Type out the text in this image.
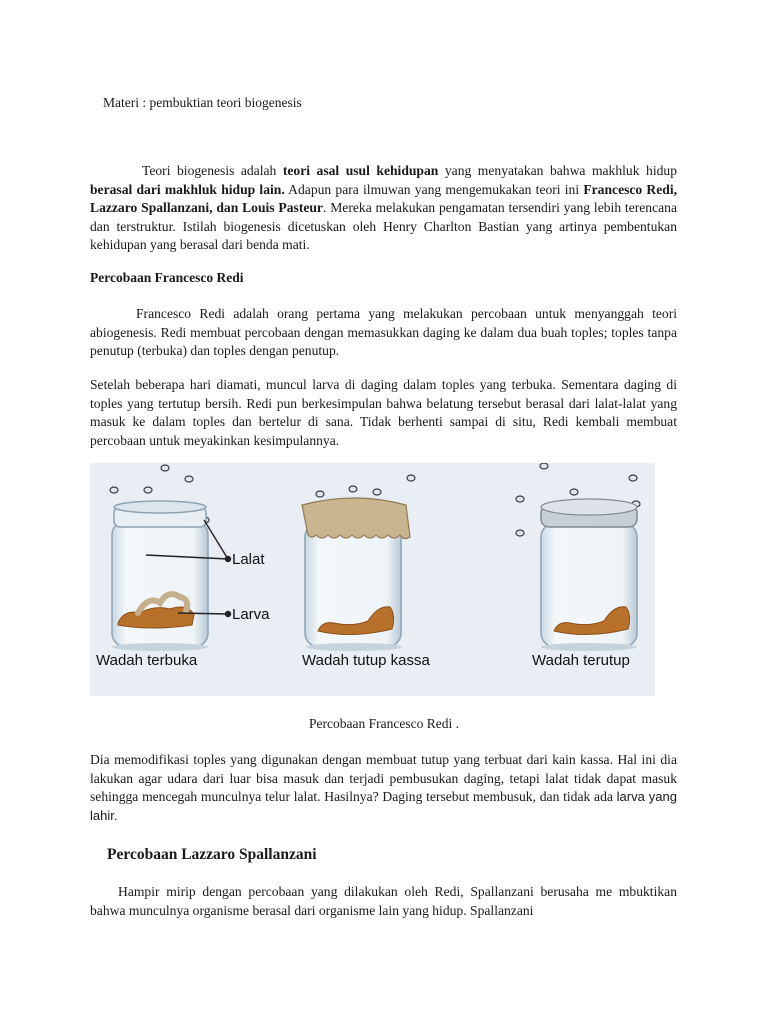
Materi : pembuktian teori biogenesis
Teori biogenesis adalah teori asal usul kehidupan yang menyatakan bahwa makhluk hidup berasal dari makhluk hidup lain. Adapun para ilmuwan yang mengemukakan teori ini Francesco Redi, Lazzaro Spallanzani, dan Louis Pasteur. Mereka melakukan pengamatan tersendiri yang lebih terencana dan terstruktur. Istilah biogenesis dicetuskan oleh Henry Charlton Bastian yang artinya pembentukan kehidupan yang berasal dari benda mati.
Percobaan Francesco Redi
Francesco Redi adalah orang pertama yang melakukan percobaan untuk menyanggah teori abiogenesis. Redi membuat percobaan dengan memasukkan daging ke dalam dua buah toples; toples tanpa penutup (terbuka) dan toples dengan penutup.
Setelah beberapa hari diamati, muncul larva di daging dalam toples yang terbuka. Sementara daging di toples yang tertutup bersih. Redi pun berkesimpulan bahwa belatung tersebut berasal dari lalat-lalat yang masuk ke dalam toples dan bertelur di sana. Tidak berhenti sampai di situ, Redi kembali membuat percobaan untuk meyakinkan kesimpulannya.
Lalat
Larva
Wadah terbuka	Wadah tutup kassa	Wadah terutup
Percobaan Francesco Redi .
Dia memodifikasi toples yang digunakan dengan membuat tutup yang terbuat dari kain kassa. Hal ini dia lakukan agar udara dari luar bisa masuk dan terjadi pembusukan daging, tetapi lalat tidak dapat masuk sehingga mencegah munculnya telur lalat. Hasilnya? Daging tersebut membusuk, dan tidak ada larva yang lahir.
Percobaan Lazzaro Spallanzani
Hampir mirip dengan percobaan yang dilakukan oleh Redi, Spallanzani berusaha me mbuktikan bahwa munculnya organisme berasal dari organisme lain yang hidup. Spallanzani
